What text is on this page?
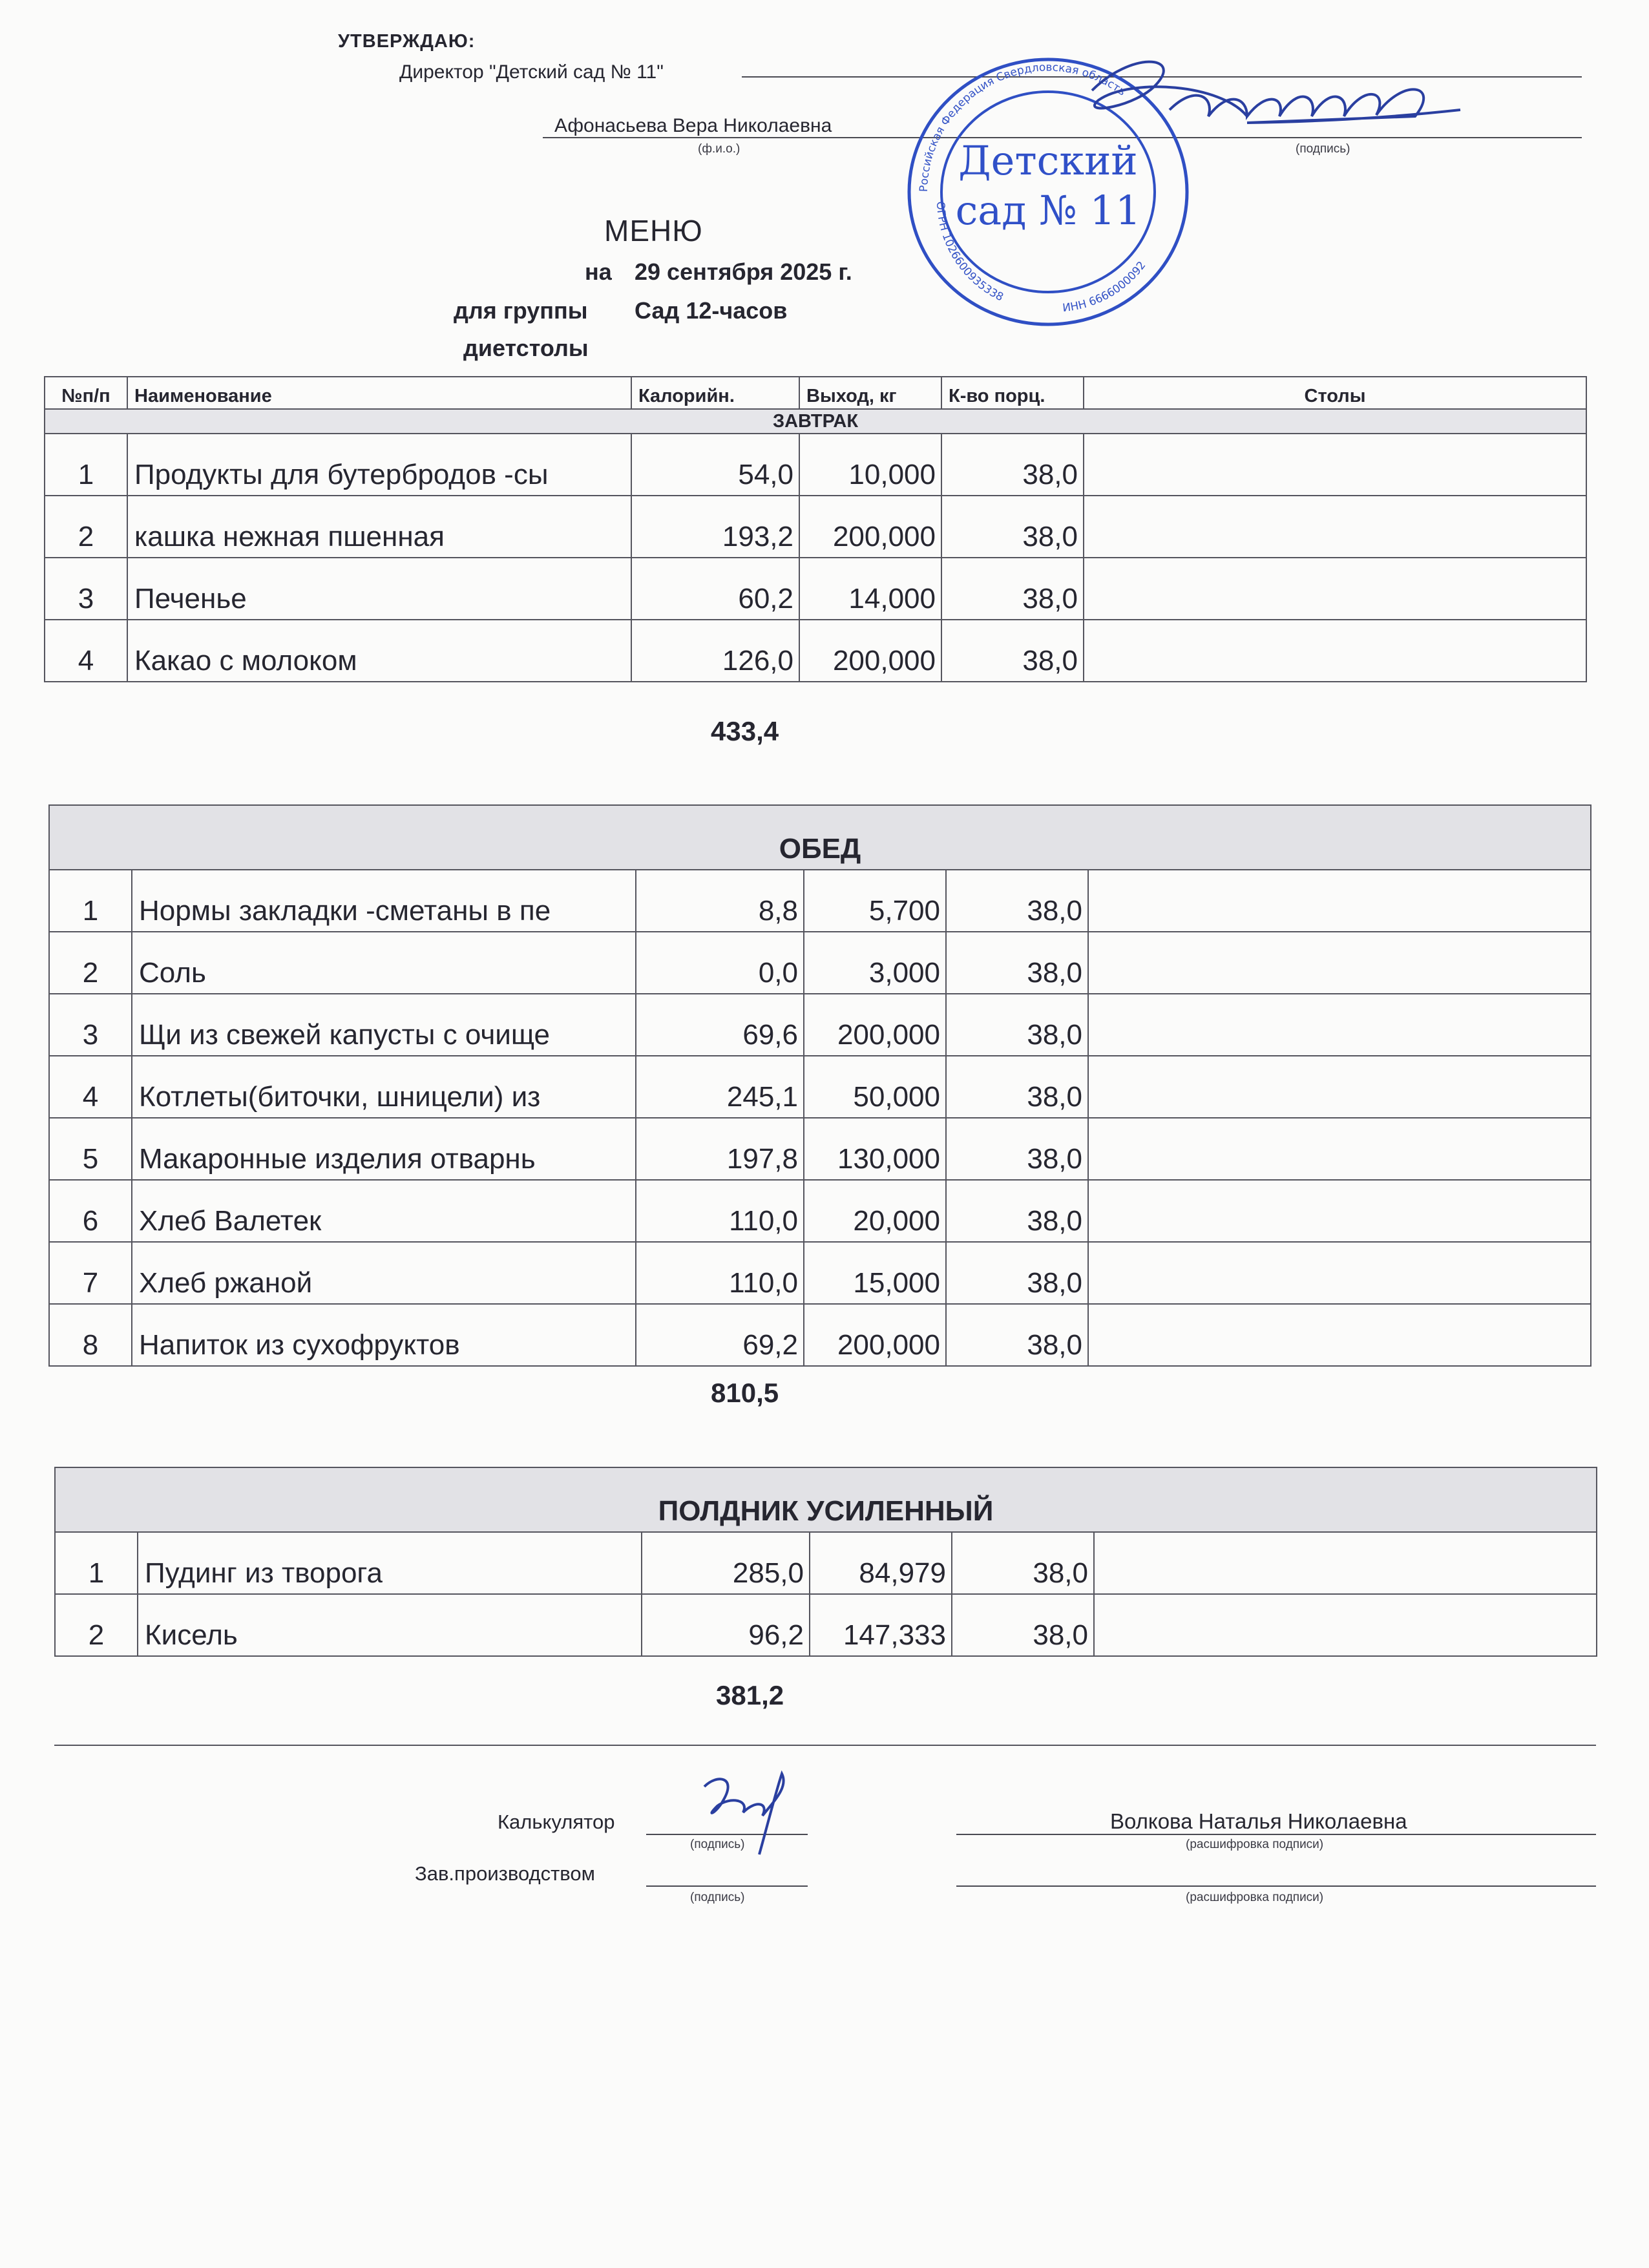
УТВЕРЖДАЮ:
Директор "Детский сад № 11"
Афонасьева Вера Николаевна
(ф.и.о.)	(подпись)
Российская Федерация Свердловская область
ОГРН 1026600935338
ИНН 6666000092
Детский
сад № 11
МЕНЮ
на 29 сентября 2025 г.
для группы Сад 12-часов
диетстолы
№п/п	Наименование	Калорийн.	Выход, кг	К-во порц.	Столы
ЗАВТРАК					
1	Продукты для бутербродов -сы	54,0	10,000	38,0	
2	кашка нежная пшенная	193,2	200,000	38,0	
3	Печенье	60,2	14,000	38,0	
4	Какао с молоком	126,0	200,000	38,0	
433,4
ОБЕД					
1	Нормы закладки -сметаны в пе	8,8	5,700	38,0	
2	Соль	0,0	3,000	38,0	
3	Щи из свежей капусты с очище	69,6	200,000	38,0	
4	Котлеты(биточки, шницели) из	245,1	50,000	38,0	
5	Макаронные изделия отварнь	197,8	130,000	38,0	
6	Хлеб Валетек	110,0	20,000	38,0	
7	Хлеб ржаной	110,0	15,000	38,0	
8	Напиток из сухофруктов	69,2	200,000	38,0	
810,5
ПОЛДНИК УСИЛЕННЫЙ					
1	Пудинг из творога	285,0	84,979	38,0	
2	Кисель	96,2	147,333	38,0	
381,2
Калькулятор
(подпись)
Волкова Наталья Николаевна
(расшифровка подписи)
Зав.производством
(подпись)	(расшифровка подписи)
